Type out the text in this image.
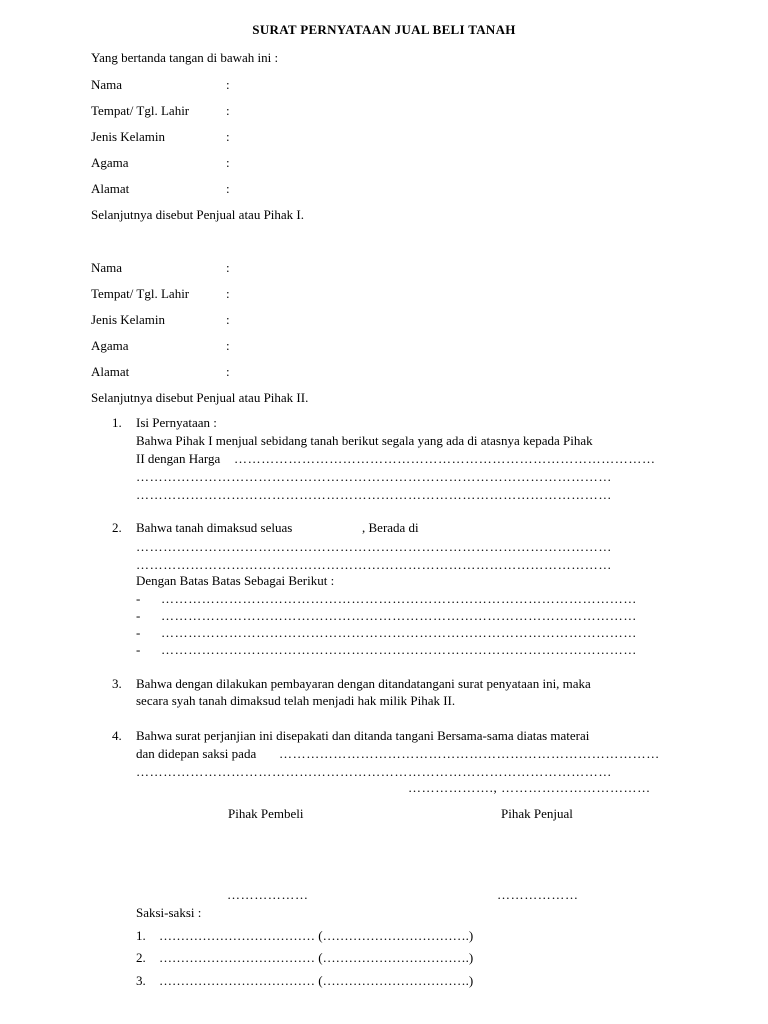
SURAT PERNYATAAN JUAL BELI TANAH
Yang bertanda tangan di bawah ini :
Nama	:
Tempat/ Tgl. Lahir	:
Jenis Kelamin	:
Agama	:
Alamat	:
Selanjutnya disebut Penjual atau Pihak I.
Nama	:
Tempat/ Tgl. Lahir	:
Jenis Kelamin	:
Agama	:
Alamat	:
Selanjutnya disebut Penjual atau Pihak II.
1. Isi Pernyataan :
Bahwa Pihak I menjual sebidang tanah berikut segala yang ada di atasnya kepada Pihak
II dengan Harga …………………………………………………………………………………
……………………………………………………………………………………………
……………………………………………………………………………………………
2. Bahwa tanah dimaksud seluas	, Berada di
……………………………………………………………………………………………
……………………………………………………………………………………………
Dengan Batas Batas Sebagai Berikut :
- ……………………………………………………………………………………………
- ……………………………………………………………………………………………
- ……………………………………………………………………………………………
- ……………………………………………………………………………………………
3. Bahwa dengan dilakukan pembayaran dengan ditandatangani surat penyataan ini, maka
secara syah tanah dimaksud telah menjadi hak milik Pihak II.
4. Bahwa surat perjanjian ini disepakati dan ditanda tangani Bersama-sama diatas materai
dan didepan saksi pada …………………………………………………………………………
……………………………………………………………………………………………
………………., ……………………………
Pihak Pembeli	Pihak Penjual
………………	………………
Saksi-saksi :
1. ……………………………… (…………………………….)
2. ……………………………… (…………………………….)
3. ……………………………… (…………………………….)
